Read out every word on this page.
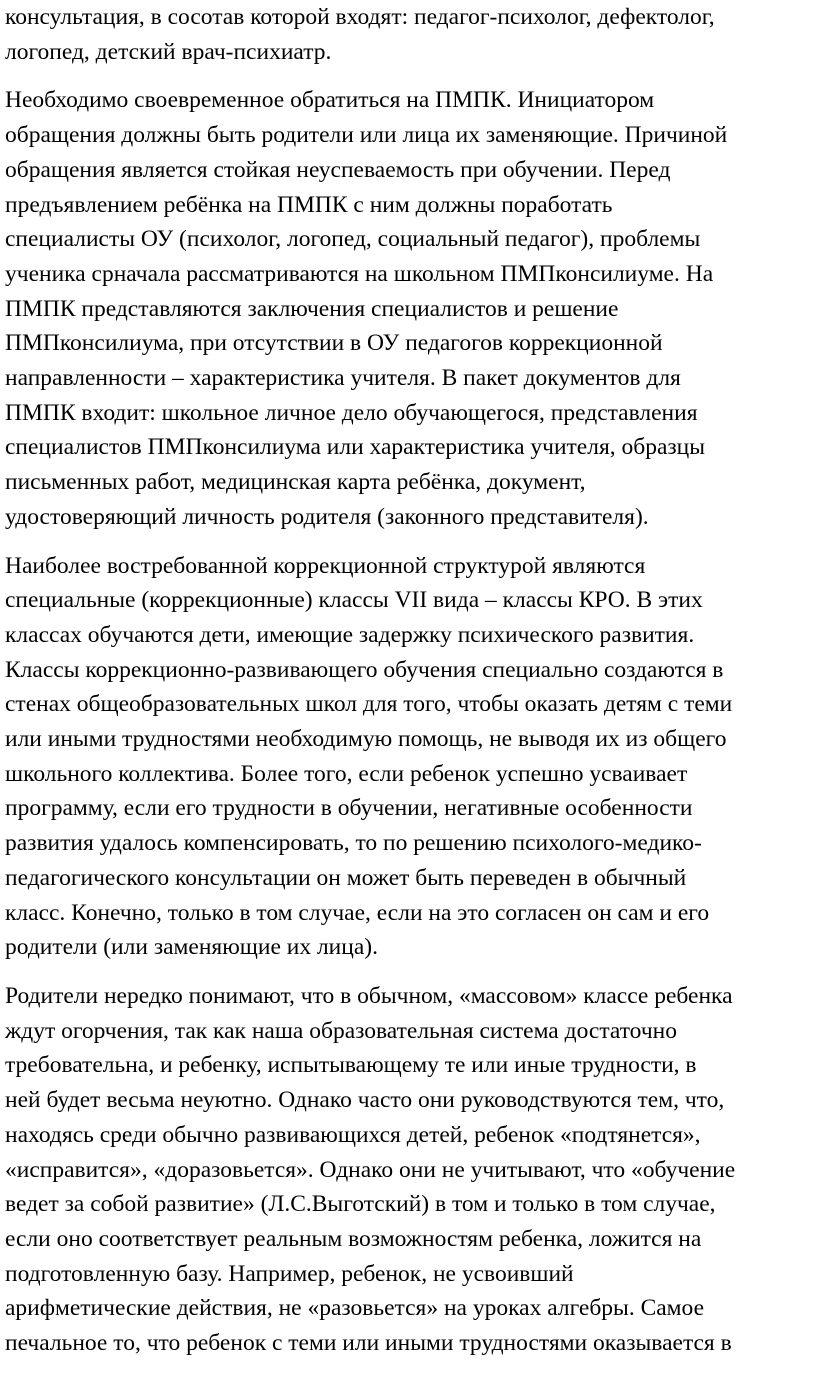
консультация, в сосотав которой входят: педагог-психолог, дефектолог,
логопед, детский врач-психиатр.

Необходимо своевременное обратиться на ПМПК. Инициатором
обращения должны быть родители или лица их заменяющие. Причиной
обращения является стойкая неуспеваемость при обучении. Перед
предъявлением ребёнка на ПМПК с ним должны поработать
специалисты ОУ (психолог, логопед, социальный педагог), проблемы
ученика срначала рассматриваются на школьном ПМПконсилиуме. На
ПМПК представляются заключения специалистов и решение
ПМПконсилиума, при отсутствии в ОУ педагогов коррекционной
направленности – характеристика учителя. В пакет документов для
ПМПК входит: школьное личное дело обучающегося, представления
специалистов ПМПконсилиума или характеристика учителя, образцы
письменных работ, медицинская карта ребёнка, документ,
удостоверяющий личность родителя (законного представителя).

Наиболее востребованной коррекционной структурой являются
специальные (коррекционные) классы VII вида – классы КРО. В этих
классах обучаются дети, имеющие задержку психического развития.
Классы коррекционно-развивающего обучения специально создаются в
стенах общеобразовательных школ для того, чтобы оказать детям с теми
или иными трудностями необходимую помощь, не выводя их из общего
школьного коллектива. Более того, если ребенок успешно усваивает
программу, если его трудности в обучении, негативные особенности
развития удалось компенсировать, то по решению психолого-медико-
педагогического консультации он может быть переведен в обычный
класс. Конечно, только в том случае, если на это согласен он сам и его
родители (или заменяющие их лица).

Родители нередко понимают, что в обычном, «массовом» классе ребенка
ждут огорчения, так как наша образовательная система достаточно
требовательна, и ребенку, испытывающему те или иные трудности, в
ней будет весьма неуютно. Однако часто они руководствуются тем, что,
находясь среди обычно развивающихся детей, ребенок «подтянется»,
«исправится», «доразовьется». Однако они не учитывают, что «обучение
ведет за собой развитие» (Л.С.Выготский) в том и только в том случае,
если оно соответствует реальным возможностям ребенка, ложится на
подготовленную базу. Например, ребенок, не усвоивший
арифметические действия, не «разовьется» на уроках алгебры. Самое
печальное то, что ребенок с теми или иными трудностями оказывается в
